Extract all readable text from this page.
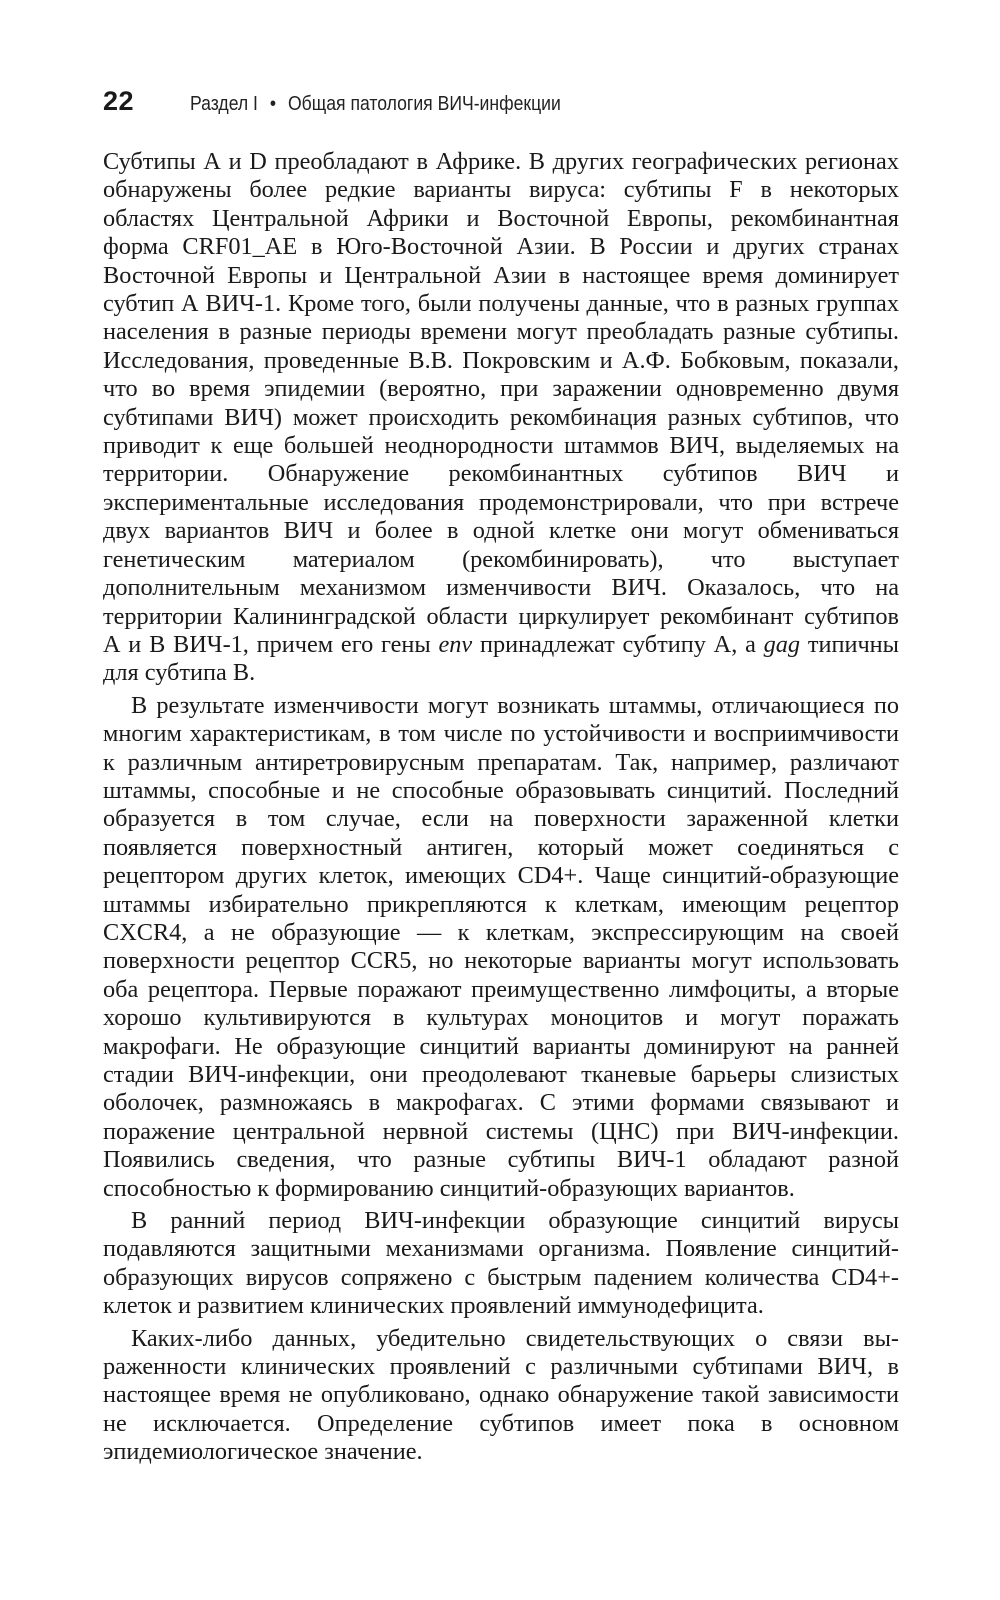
22	Раздел I • Общая патология ВИЧ-инфекции

Субтипы А и D преобладают в Африке. В других географических регионах обнаружены более редкие варианты вируса: субтипы F в некоторых областях Центральной Африки и Восточной Европы, рекомбинантная форма CRF01_AE в Юго-Восточной Азии. В России и других странах Восточной Европы и Центральной Азии в настоящее время доминирует субтип А ВИЧ-1. Кроме того, были получены данные, что в разных группах населения в разные периоды времени могут преобладать разные субтипы. Исследования, проведенные В.В. Покровским и А.Ф. Бобковым, показали, что во время эпидемии (вероятно, при заражении одновременно двумя субтипами ВИЧ) может происходить рекомбинация разных субтипов, что приводит к еще большей неоднородности штаммов ВИЧ, выделяемых на территории. Обнаружение рекомбинантных субтипов ВИЧ и экспериментальные исследования продемонстрировали, что при встрече двух вариантов ВИЧ и более в одной клетке они могут обмениваться генетическим материалом (рекомбинировать), что выступает дополнительным механизмом изменчивости ВИЧ. Оказалось, что на территории Калининградской области циркулирует рекомбинант субтипов А и В ВИЧ-1, причем его гены env принадлежат субтипу А, а gag типичны для субтипа В.

В результате изменчивости могут возникать штаммы, отличающиеся по многим характеристикам, в том числе по устойчивости и восприимчивости к различным антиретровирусным препаратам. Так, например, различают штаммы, способные и не способные образовывать синцитий. Последний образуется в том случае, если на поверхности зараженной клетки появляется поверхностный антиген, который может соединяться с рецептором других клеток, имеющих CD4+. Чаще синцитий-образующие штаммы избирательно прикрепляются к клеткам, имеющим рецептор CXCR4, а не образующие — к клеткам, экспрессирующим на своей поверхности рецептор CCR5, но некоторые варианты могут использовать оба рецептора. Первые поражают преимущественно лимфоциты, а вторые хорошо культивируются в культурах моноцитов и могут поражать макрофаги. Не образующие синцитий варианты доминируют на ранней стадии ВИЧ-инфекции, они преодолевают тканевые барьеры слизистых оболочек, размножаясь в макрофагах. С этими формами связывают и поражение центральной нервной системы (ЦНС) при ВИЧ-инфекции. Появились сведения, что разные субтипы ВИЧ-1 обладают разной способностью к формированию синцитий-образующих вариантов.

В ранний период ВИЧ-инфекции образующие синцитий вирусы подавляются защитными механизмами организма. Появление синцитий-образующих вирусов сопряжено с быстрым падением количества CD4+-клеток и развитием клинических проявлений иммунодефицита.

Каких-либо данных, убедительно свидетельствующих о связи выраженности клинических проявлений с различными субтипами ВИЧ, в настоящее время не опубликовано, однако обнаружение такой зависимости не исключается. Определение субтипов имеет пока в основном эпидемиологическое значение.
